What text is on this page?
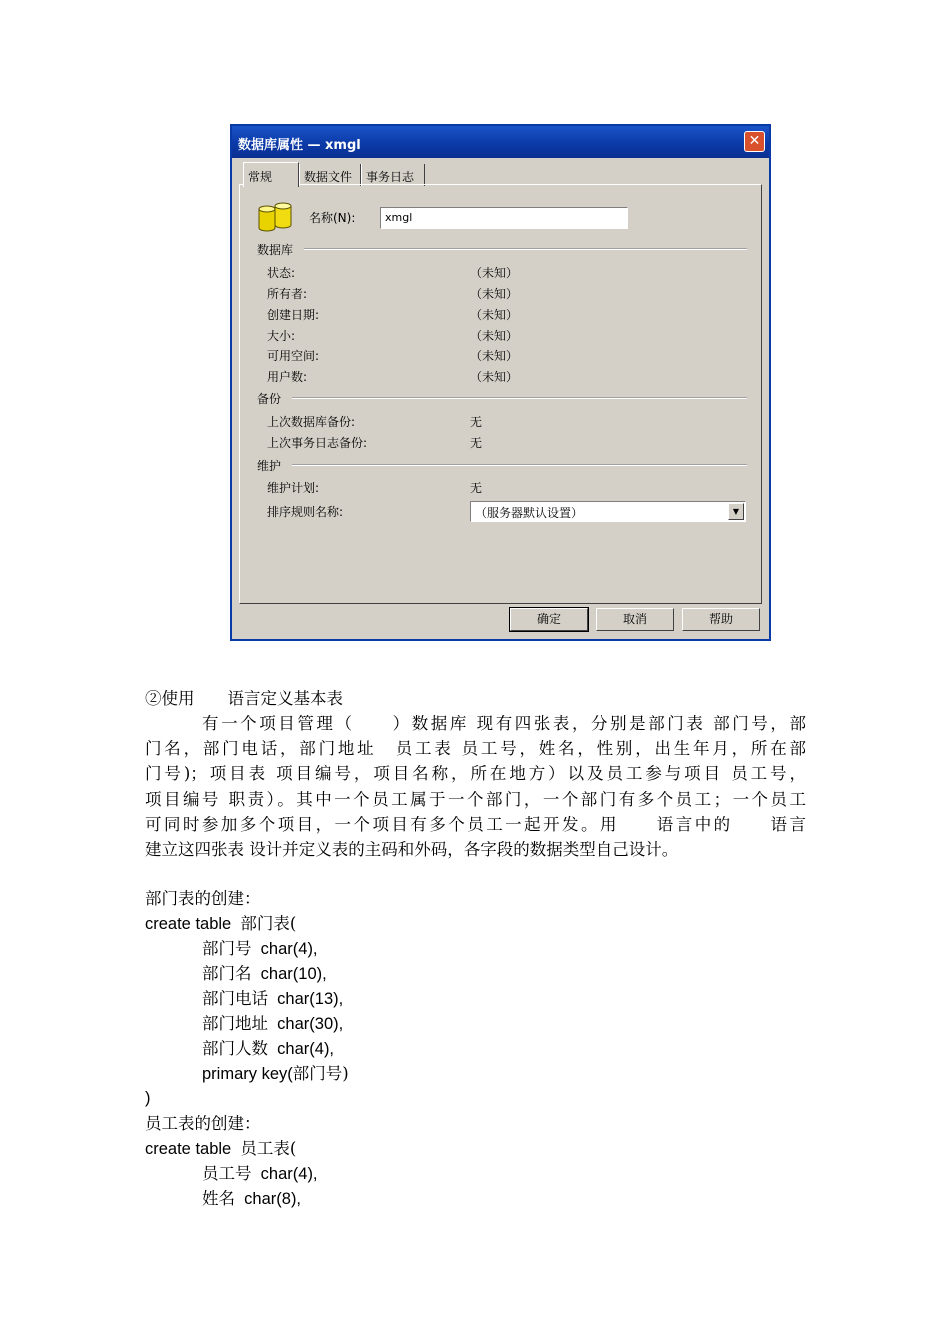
数据库属性 — xmgl	✕
常规	数据文件	事务日志
名称(N):	xmgl
数据库
状态:	（未知）
所有者:	（未知）
创建日期:	（未知）
大小:	（未知）
可用空间:	（未知）
用户数:	（未知）
备份
上次数据库备份:	无
上次事务日志备份:	无
维护
维护计划:	无
排序规则名称:	（服务器默认设置）	▼
确定	取消	帮助
②使用　　语言定义基本表
有一个项目管理（　　）数据库 现有四张表，分别是部门表 部门号，部
门名，部门电话，部门地址　员工表 员工号，姓名，性别，出生年月，所在部
门号)；项目表 项目编号，项目名称，所在地方）以及员工参与项目 员工号，
项目编号 职责）。其中一个员工属于一个部门，一个部门有多个员工；一个员工
可同时参加多个项目，一个项目有多个员工一起开发。用　　语言中的　　语言
建立这四张表 设计并定义表的主码和外码，各字段的数据类型自己设计。
部门表的创建：
create table 部门表(
部门号 char(4),
部门名 char(10),
部门电话 char(13),
部门地址 char(30),
部门人数 char(4),
primary key(部门号)
)
员工表的创建：
create table 员工表(
员工号 char(4),
姓名 char(8),
